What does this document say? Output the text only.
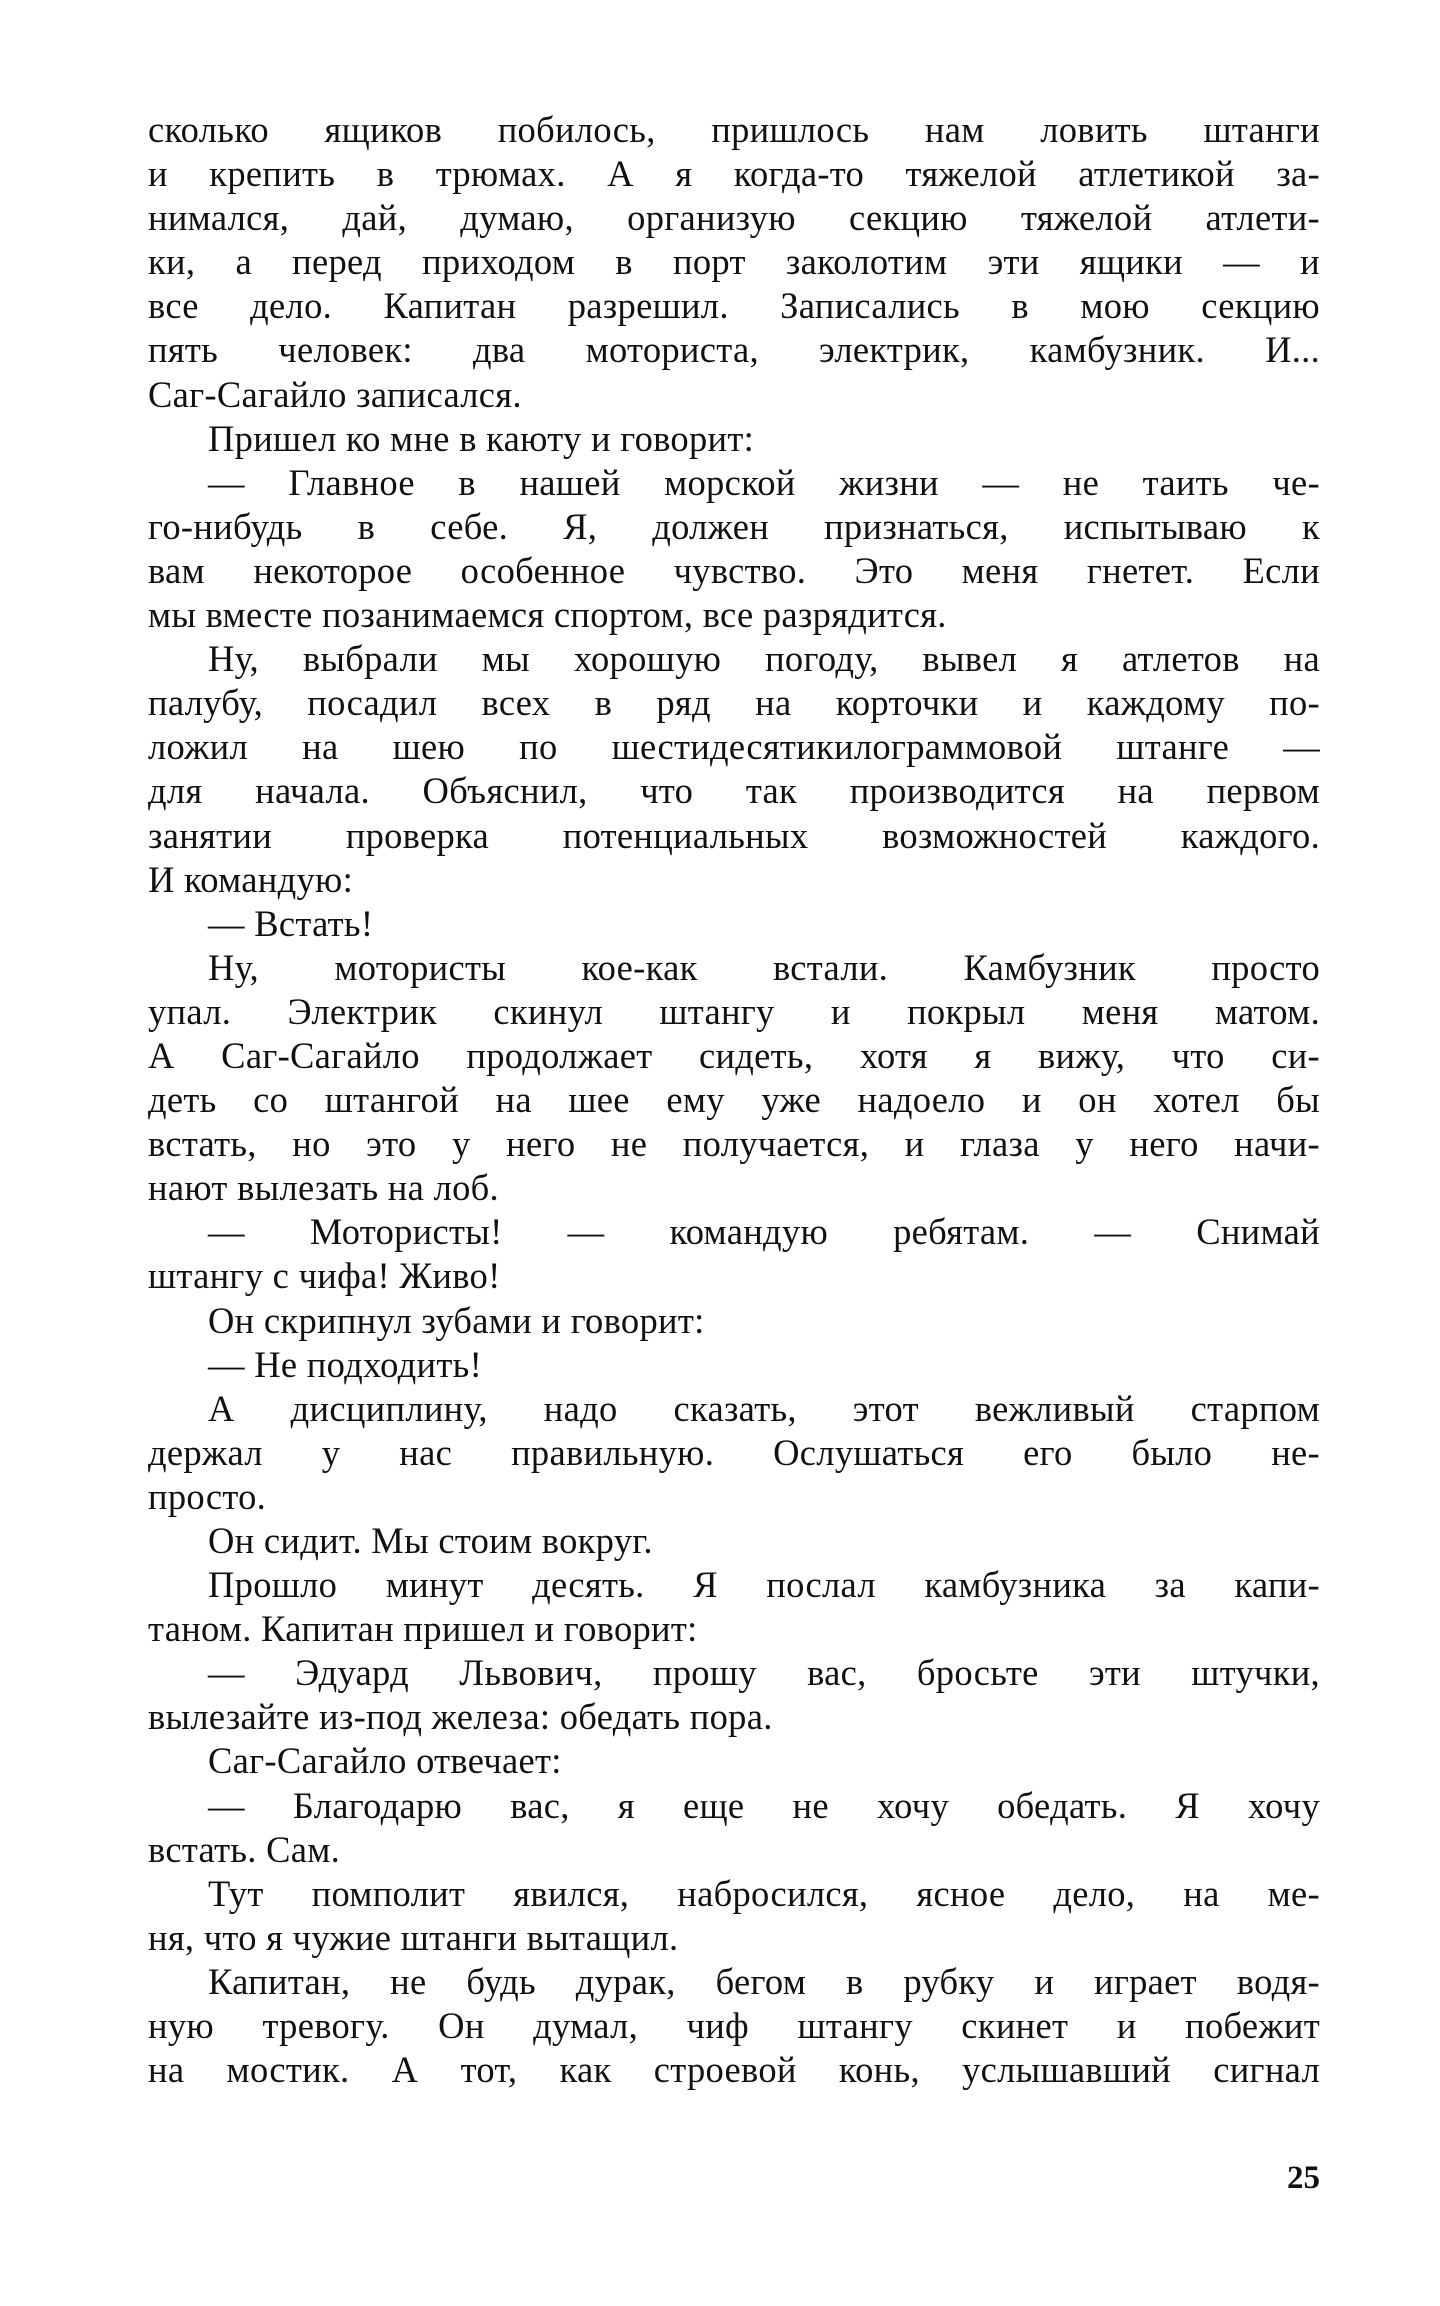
сколько ящиков побилось, пришлось нам ловить штанги
и крепить в трюмах. А я когда-то тяжелой атлетикой за-
нимался, дай, думаю, организую секцию тяжелой атлети-
ки, а перед приходом в порт заколотим эти ящики — и
все дело. Капитан разрешил. Записались в мою секцию
пять человек: два моториста, электрик, камбузник. И...
Саг-Сагайло записался.
Пришел ко мне в каюту и говорит:
— Главное в нашей морской жизни — не таить че-
го-нибудь в себе. Я, должен признаться, испытываю к
вам некоторое особенное чувство. Это меня гнетет. Если
мы вместе позанимаемся спортом, все разрядится.
Ну, выбрали мы хорошую погоду, вывел я атлетов на
палубу, посадил всех в ряд на корточки и каждому по-
ложил на шею по шестидесятикилограммовой штанге —
для начала. Объяснил, что так производится на первом
занятии проверка потенциальных возможностей каждого.
И командую:
— Встать!
Ну, мотористы кое-как встали. Камбузник просто
упал. Электрик скинул штангу и покрыл меня матом.
А Саг-Сагайло продолжает сидеть, хотя я вижу, что си-
деть со штангой на шее ему уже надоело и он хотел бы
встать, но это у него не получается, и глаза у него начи-
нают вылезать на лоб.
— Мотористы! — командую ребятам. — Снимай
штангу с чифа! Живо!
Он скрипнул зубами и говорит:
— Не подходить!
А дисциплину, надо сказать, этот вежливый старпом
держал у нас правильную. Ослушаться его было не-
просто.
Он сидит. Мы стоим вокруг.
Прошло минут десять. Я послал камбузника за капи-
таном. Капитан пришел и говорит:
— Эдуард Львович, прошу вас, бросьте эти штучки,
вылезайте из-под железа: обедать пора.
Саг-Сагайло отвечает:
— Благодарю вас, я еще не хочу обедать. Я хочу
встать. Сам.
Тут помполит явился, набросился, ясное дело, на ме-
ня, что я чужие штанги вытащил.
Капитан, не будь дурак, бегом в рубку и играет водя-
ную тревогу. Он думал, чиф штангу скинет и побежит
на мостик. А тот, как строевой конь, услышавший сигнал
25
